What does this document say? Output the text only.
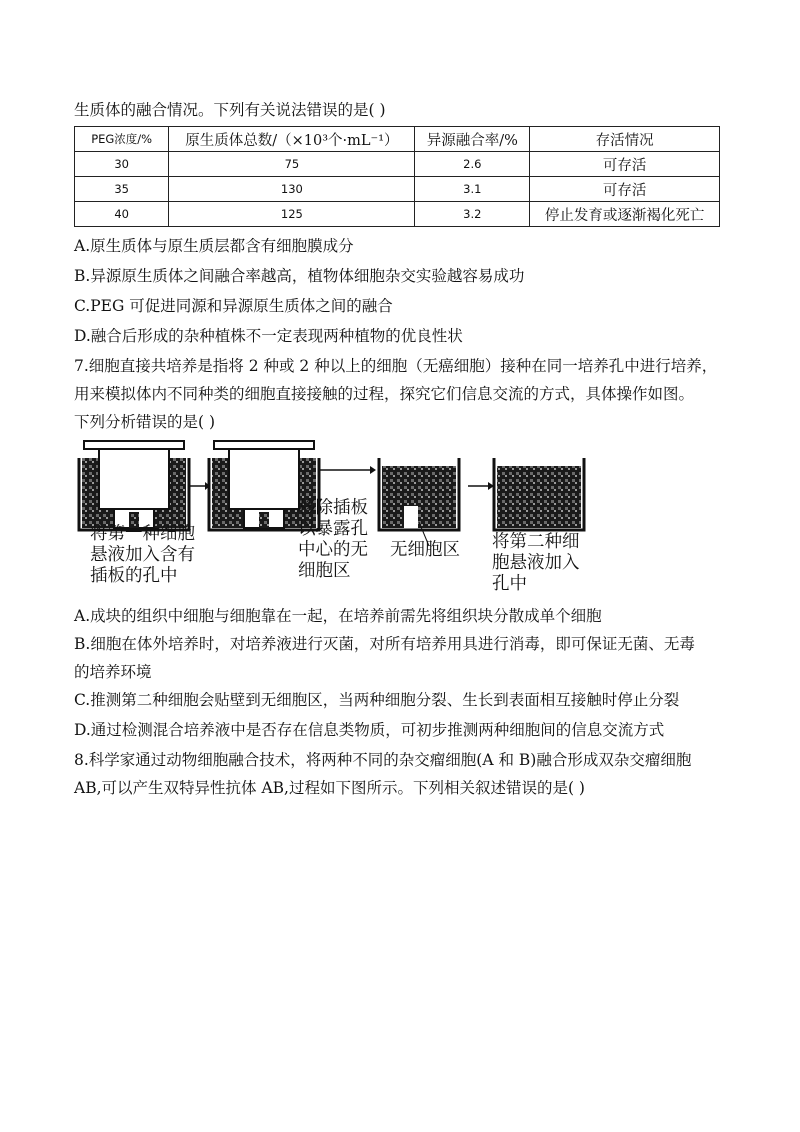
生质体的融合情况。下列有关说法错误的是( )
PEG浓度/%	原生质体总数/（×10³个·mL⁻¹）	异源融合率/%	存活情况
30	75	2.6	可存活
35	130	3.1	可存活
40	125	3.2	停止发育或逐渐褐化死亡
A.原生质体与原生质层都含有细胞膜成分
B.异源原生质体之间融合率越高，植物体细胞杂交实验越容易成功
C.PEG 可促进同源和异源原生质体之间的融合
D.融合后形成的杂种植株不一定表现两种植物的优良性状
7.细胞直接共培养是指将 2 种或 2 种以上的细胞（无癌细胞）接种在同一培养孔中进行培养，
用来模拟体内不同种类的细胞直接接触的过程，探究它们信息交流的方式，具体操作如图。
下列分析错误的是( )
将第一种细胞
悬液加入含有
插板的孔中
移除插板
以暴露孔
中心的无
细胞区
无细胞区 将第二种细
胞悬液加入
孔中
A.成块的组织中细胞与细胞靠在一起，在培养前需先将组织块分散成单个细胞
B.细胞在体外培养时，对培养液进行灭菌，对所有培养用具进行消毒，即可保证无菌、无毒
的培养环境
C.推测第二种细胞会贴壁到无细胞区，当两种细胞分裂、生长到表面相互接触时停止分裂
D.通过检测混合培养液中是否存在信息类物质，可初步推测两种细胞间的信息交流方式
8.科学家通过动物细胞融合技术，将两种不同的杂交瘤细胞(A 和 B)融合形成双杂交瘤细胞
AB,可以产生双特异性抗体 AB,过程如下图所示。下列相关叙述错误的是( )
